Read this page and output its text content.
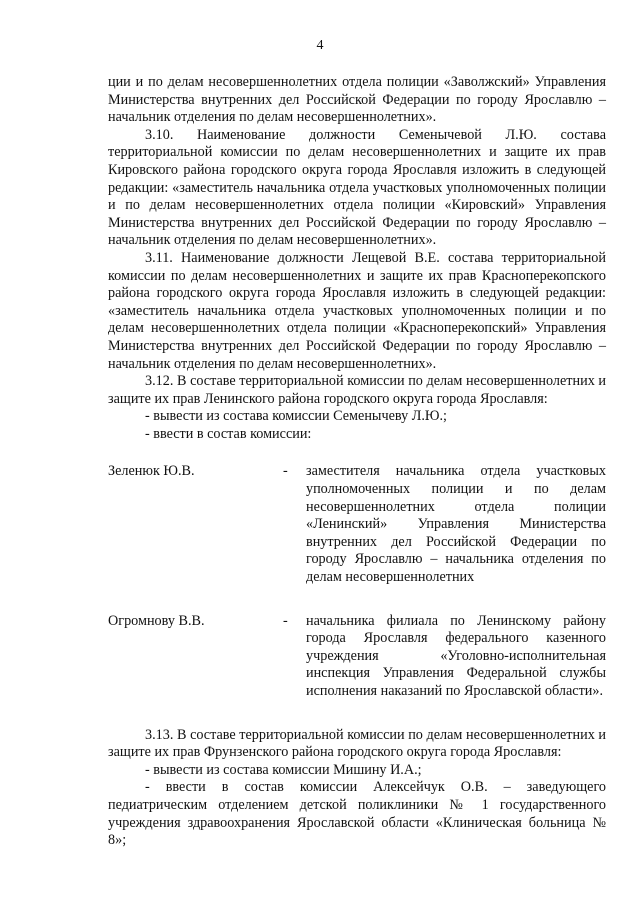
4

ции и по делам несовершеннолетних отдела полиции «Заволжский» Управления Министерства внутренних дел Российской Федерации по городу Ярославлю – начальник отделения по делам несовершеннолетних».

3.10. Наименование должности Семенычевой Л.Ю. состава территориальной комиссии по делам несовершеннолетних и защите их прав Кировского района городского округа города Ярославля изложить в следующей редакции: «заместитель начальника отдела участковых уполномоченных полиции и по делам несовершеннолетних отдела полиции «Кировский» Управления Министерства внутренних дел Российской Федерации по городу Ярославлю – начальник отделения по делам несовершеннолетних».

3.11. Наименование должности Лещевой В.Е. состава территориальной комиссии по делам несовершеннолетних и защите их прав Красноперекопского района городского округа города Ярославля изложить в следующей редакции: «заместитель начальника отдела участковых уполномоченных полиции и по делам несовершеннолетних отдела полиции «Красноперекопский» Управления Министерства внутренних дел Российской Федерации по городу Ярославлю – начальник отделения по делам несовершеннолетних».

3.12. В составе территориальной комиссии по делам несовершеннолетних и защите их прав Ленинского района городского округа города Ярославля:

- вывести из состава комиссии Семенычеву Л.Ю.;

- ввести в состав комиссии:

Зеленюк Ю.В.	- заместителя начальника отдела участковых уполномоченных полиции и по делам несовершеннолетних отдела полиции «Ленинский» Управления Министерства внутренних дел Российской Федерации по городу Ярославлю – начальника отделения по делам несовершеннолетних

Огромнову В.В.	- начальника филиала по Ленинскому району города Ярославля федерального казенного учреждения «Уголовно-исполнительная инспекция Управления Федеральной службы исполнения наказаний по Ярославской области».

3.13. В составе территориальной комиссии по делам несовершеннолетних и защите их прав Фрунзенского района городского округа города Ярославля:

- вывести из состава комиссии Мишину И.А.;

- ввести в состав комиссии Алексейчук О.В. – заведующего педиатрическим отделением детской поликлиники № 1 государственного учреждения здравоохранения Ярославской области «Клиническая больница № 8»;
